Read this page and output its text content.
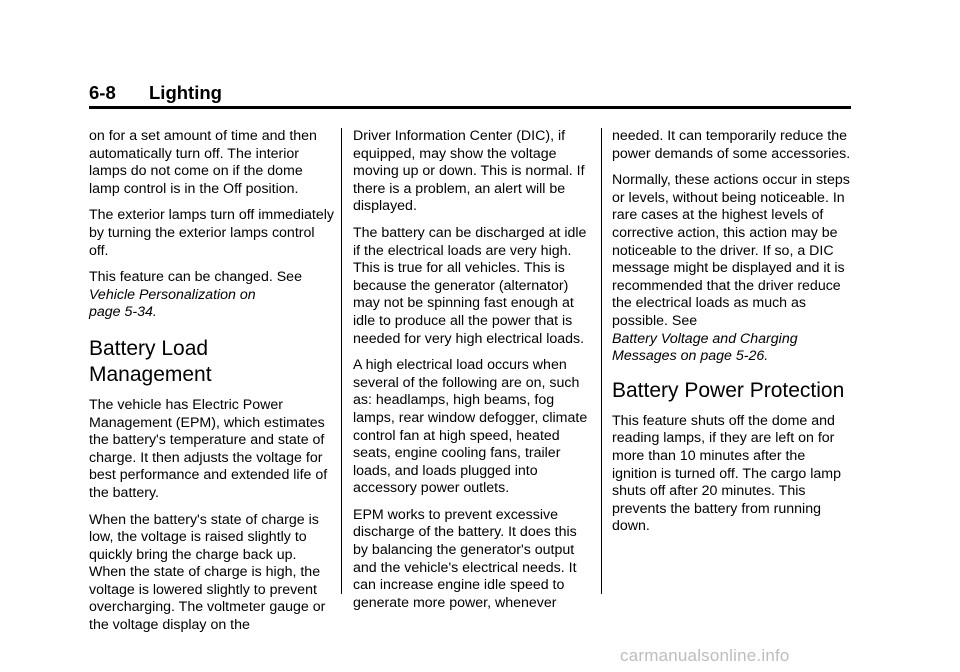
6-8 Lighting

on for a set amount of time and then automatically turn off. The interior lamps do not come on if the dome lamp control is in the Off position.

The exterior lamps turn off immediately by turning the exterior lamps control off.

This feature can be changed. See
Vehicle Personalization on
page 5-34.

Battery Load
Management

The vehicle has Electric Power Management (EPM), which estimates the battery's temperature and state of charge. It then adjusts the voltage for best performance and extended life of the battery.

When the battery's state of charge is low, the voltage is raised slightly to quickly bring the charge back up. When the state of charge is high, the voltage is lowered slightly to prevent overcharging. The voltmeter gauge or the voltage display on the

Driver Information Center (DIC), if equipped, may show the voltage moving up or down. This is normal. If there is a problem, an alert will be displayed.

The battery can be discharged at idle if the electrical loads are very high. This is true for all vehicles. This is because the generator (alternator) may not be spinning fast enough at idle to produce all the power that is needed for very high electrical loads.

A high electrical load occurs when several of the following are on, such as: headlamps, high beams, fog lamps, rear window defogger, climate control fan at high speed, heated seats, engine cooling fans, trailer loads, and loads plugged into accessory power outlets.

EPM works to prevent excessive discharge of the battery. It does this by balancing the generator's output and the vehicle's electrical needs. It can increase engine idle speed to generate more power, whenever

needed. It can temporarily reduce the power demands of some accessories.

Normally, these actions occur in steps or levels, without being noticeable. In rare cases at the highest levels of corrective action, this action may be noticeable to the driver. If so, a DIC message might be displayed and it is recommended that the driver reduce the electrical loads as much as possible. See
Battery Voltage and Charging
Messages on page 5-26.

Battery Power Protection

This feature shuts off the dome and reading lamps, if they are left on for more than 10 minutes after the ignition is turned off. The cargo lamp shuts off after 20 minutes. This prevents the battery from running down.

carmanualsonline.info
